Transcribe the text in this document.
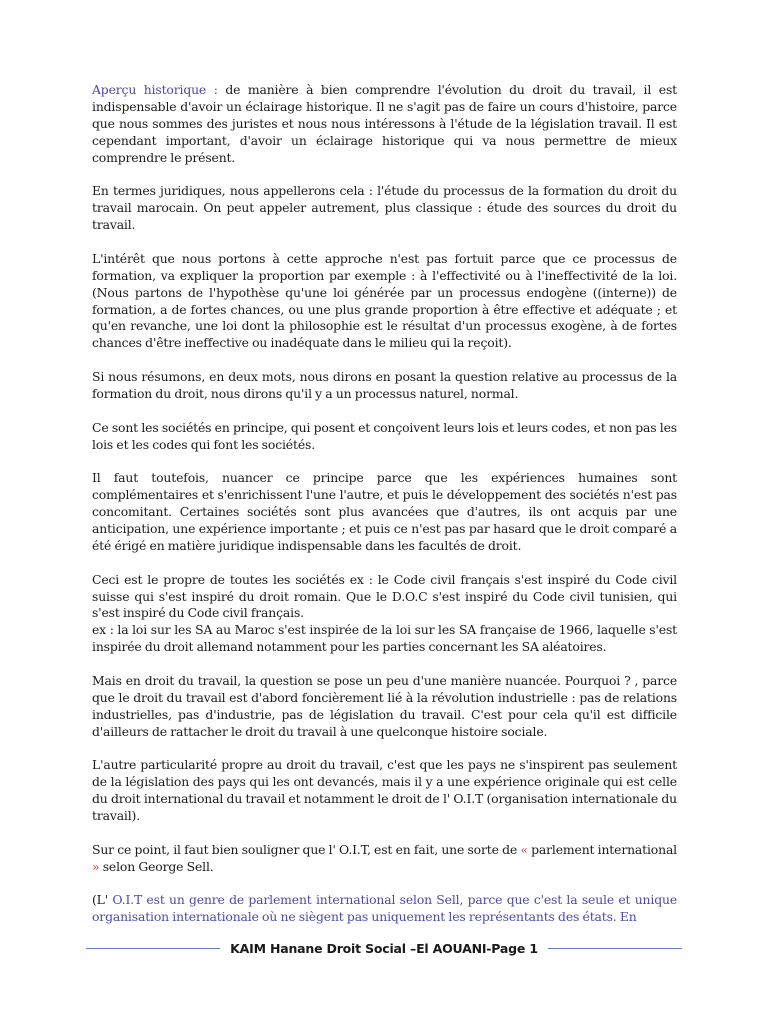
Aperçu historique : de manière à bien comprendre l'évolution du droit du travail, il est indispensable d'avoir un éclairage historique. Il ne s'agit pas de faire un cours d'histoire, parce que nous sommes des juristes et nous nous intéressons à l'étude de la législation travail. Il est cependant important, d'avoir un éclairage historique qui va nous permettre de mieux comprendre le présent.

En termes juridiques, nous appellerons cela : l'étude du processus de la formation du droit du travail marocain. On peut appeler autrement, plus classique : étude des sources du droit du travail.

L'intérêt que nous portons à cette approche n'est pas fortuit parce que ce processus de formation, va expliquer la proportion par exemple : à l'effectivité ou à l'ineffectivité de la loi. (Nous partons de l'hypothèse qu'une loi générée par un processus endogène ((interne)) de formation, a de fortes chances, ou une plus grande proportion à être effective et adéquate ; et qu'en revanche, une loi dont la philosophie est le résultat d'un processus exogène, à de fortes chances d'être ineffective ou inadéquate dans le milieu qui la reçoit).

Si nous résumons, en deux mots, nous dirons en posant la question relative au processus de la formation du droit, nous dirons qu'il y a un processus naturel, normal.

Ce sont les sociétés en principe, qui posent et conçoivent leurs lois et leurs codes, et non pas les lois et les codes qui font les sociétés.

Il faut toutefois, nuancer ce principe parce que les expériences humaines sont complémentaires et s'enrichissent l'une l'autre, et puis le développement des sociétés n'est pas concomitant. Certaines sociétés sont plus avancées que d'autres, ils ont acquis par une anticipation, une expérience importante ; et puis ce n'est pas par hasard que le droit comparé a été érigé en matière juridique indispensable dans les facultés de droit.

Ceci est le propre de toutes les sociétés ex : le Code civil français s'est inspiré du Code civil suisse qui s'est inspiré du droit romain. Que le D.O.C s'est inspiré du Code civil tunisien, qui s'est inspiré du Code civil français.

ex : la loi sur les SA au Maroc s'est inspirée de la loi sur les SA française de 1966, laquelle s'est inspirée du droit allemand notamment pour les parties concernant les SA aléatoires.

Mais en droit du travail, la question se pose un peu d'une manière nuancée. Pourquoi ? , parce que le droit du travail est d'abord foncièrement lié à la révolution industrielle : pas de relations industrielles, pas d'industrie, pas de législation du travail. C'est pour cela qu'il est difficile d'ailleurs de rattacher le droit du travail à une quelconque histoire sociale.

L'autre particularité propre au droit du travail, c'est que les pays ne s'inspirent pas seulement de la législation des pays qui les ont devancés, mais il y a une expérience originale qui est celle du droit international du travail et notamment le droit de l' O.I.T (organisation internationale du travail).

Sur ce point, il faut bien souligner que l' O.I.T, est en fait, une sorte de « parlement international » selon George Sell.

(L' O.I.T est un genre de parlement international selon Sell, parce que c'est la seule et unique organisation internationale où ne siègent pas uniquement les représentants des états. En

KAIM Hanane Droit Social –El AOUANI-Page 1
